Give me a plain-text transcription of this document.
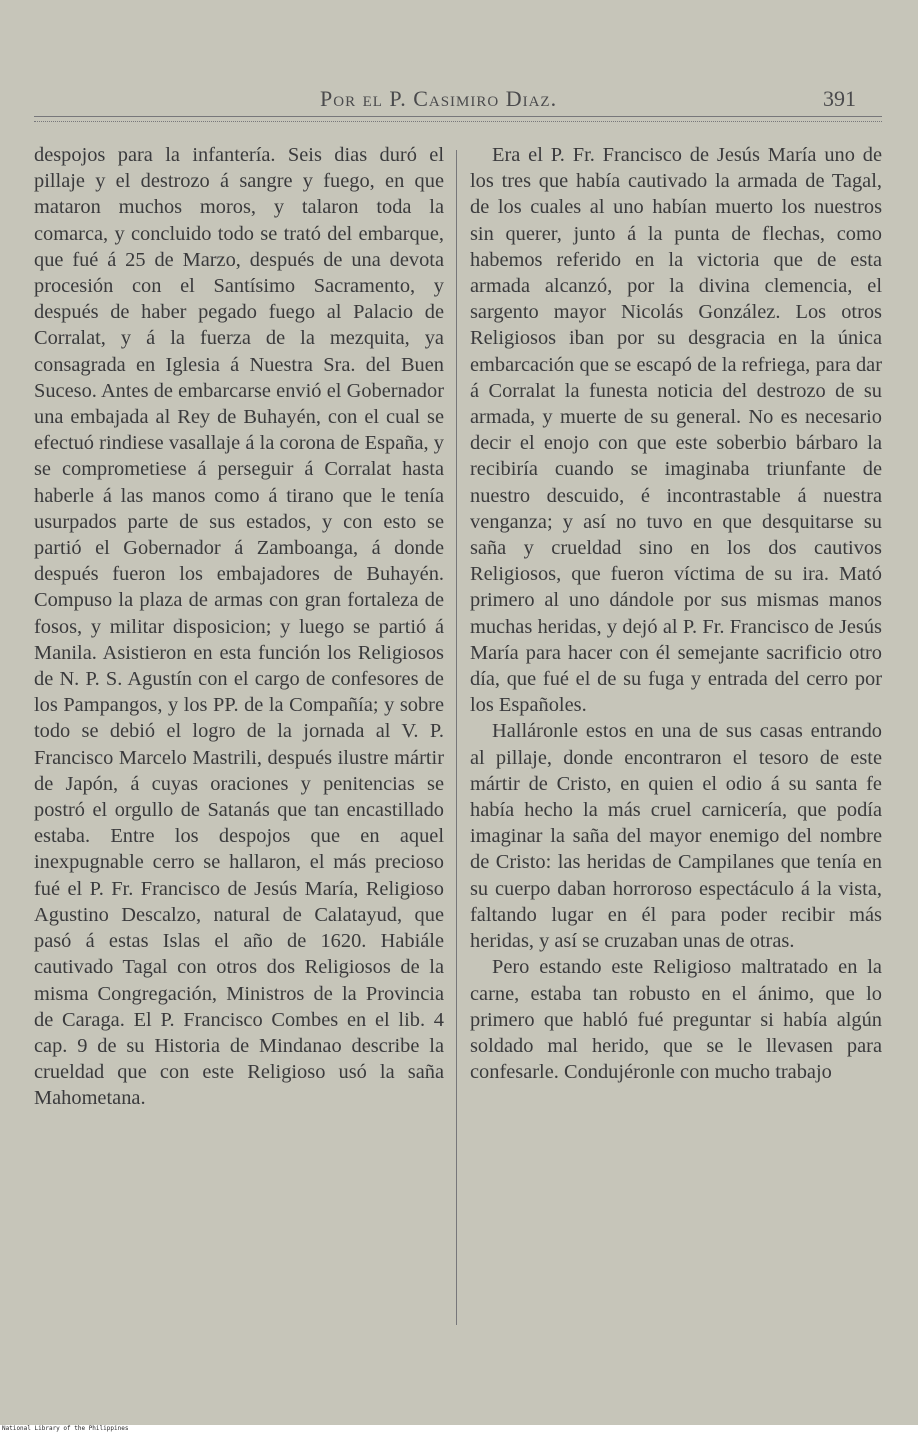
Por el P. Casimiro Diaz.	391

despojos para la infantería. Seis dias duró el pillaje y el destrozo á sangre y fuego, en que mataron muchos moros, y talaron toda la comarca, y concluido todo se trató del embarque, que fué á 25 de Marzo, después de una devota procesión con el Santísimo Sacramento, y después de haber pegado fuego al Palacio de Corralat, y á la fuerza de la mezquita, ya consagrada en Iglesia á Nuestra Sra. del Buen Suceso. Antes de embarcarse envió el Gobernador una embajada al Rey de Buhayén, con el cual se efectuó rindiese vasallaje á la corona de España, y se comprometiese á perseguir á Corralat hasta haberle á las manos como á tirano que le tenía usurpados parte de sus estados, y con esto se partió el Gobernador á Zamboanga, á donde después fueron los embajadores de Buhayén. Compuso la plaza de armas con gran fortaleza de fosos, y militar disposicion; y luego se partió á Manila. Asistieron en esta función los Religiosos de N. P. S. Agustín con el cargo de confesores de los Pampangos, y los PP. de la Compañía; y sobre todo se debió el logro de la jornada al V. P. Francisco Marcelo Mastrili, después ilustre mártir de Japón, á cuyas oraciones y penitencias se postró el orgullo de Satanás que tan encastillado estaba. Entre los despojos que en aquel inexpugnable cerro se hallaron, el más precioso fué el P. Fr. Francisco de Jesús María, Religioso Agustino Descalzo, natural de Calatayud, que pasó á estas Islas el año de 1620. Habiále cautivado Tagal con otros dos Religiosos de la misma Congregación, Ministros de la Provincia de Caraga. El P. Francisco Combes en el lib. 4 cap. 9 de su Historia de Mindanao describe la crueldad que con este Religioso usó la saña Mahometana.

Era el P. Fr. Francisco de Jesús María uno de los tres que había cautivado la armada de Tagal, de los cuales al uno habían muerto los nuestros sin querer, junto á la punta de flechas, como habemos referido en la victoria que de esta armada alcanzó, por la divina clemencia, el sargento mayor Nicolás González. Los otros Religiosos iban por su desgracia en la única embarcación que se escapó de la refriega, para dar á Corralat la funesta noticia del destrozo de su armada, y muerte de su general. No es necesario decir el enojo con que este soberbio bárbaro la recibiría cuando se imaginaba triunfante de nuestro descuido, é incontrastable á nuestra venganza; y así no tuvo en que desquitarse su saña y crueldad sino en los dos cautivos Religiosos, que fueron víctima de su ira. Mató primero al uno dándole por sus mismas manos muchas heridas, y dejó al P. Fr. Francisco de Jesús María para hacer con él semejante sacrificio otro día, que fué el de su fuga y entrada del cerro por los Españoles.

Halláronle estos en una de sus casas entrando al pillaje, donde encontraron el tesoro de este mártir de Cristo, en quien el odio á su santa fe había hecho la más cruel carnicería, que podía imaginar la saña del mayor enemigo del nombre de Cristo: las heridas de Campilanes que tenía en su cuerpo daban horroroso espectáculo á la vista, faltando lugar en él para poder recibir más heridas, y así se cruzaban unas de otras.

Pero estando este Religioso maltratado en la carne, estaba tan robusto en el ánimo, que lo primero que habló fué preguntar si había algún soldado mal herido, que se le llevasen para confesarle. Condujéronle con mucho trabajo

National Library of the Philippines
